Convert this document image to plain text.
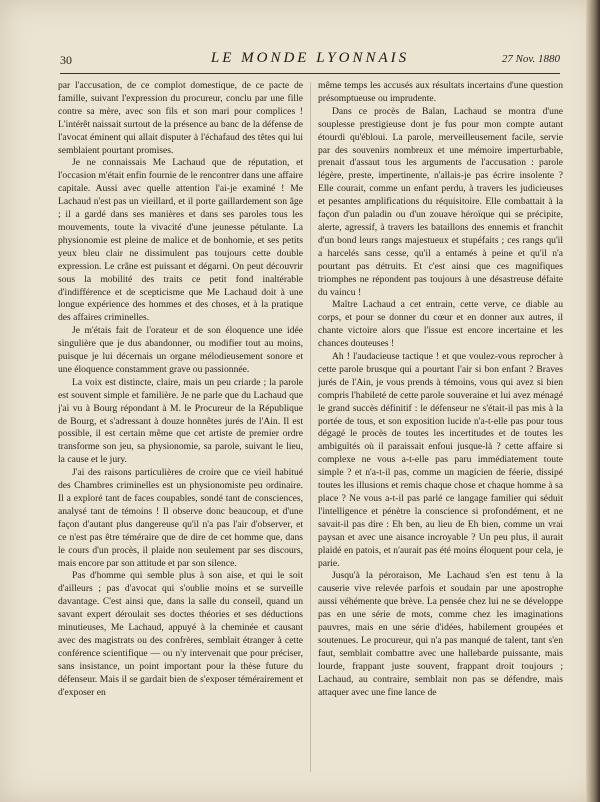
30	LE MONDE LYONNAIS	27 Nov. 1880

par l'accusation, de ce complot domestique, de ce pacte de famille, suivant l'expression du procureur, conclu par une fille contre sa mère, avec son fils et son mari pour complices ! L'intérêt naissait surtout de la présence au banc de la défense de l'avocat éminent qui allait disputer à l'échafaud des têtes qui lui semblaient pourtant promises.

Je ne connaissais Me Lachaud que de réputation, et l'occasion m'était enfin fournie de le rencontrer dans une affaire capitale. Aussi avec quelle attention l'ai-je examiné ! Me Lachaud n'est pas un vieillard, et il porte gaillardement son âge ; il a gardé dans ses manières et dans ses paroles tous les mouvements, toute la vivacité d'une jeunesse pétulante. La physionomie est pleine de malice et de bonhomie, et ses petits yeux bleu clair ne dissimulent pas toujours cette double expression. Le crâne est puissant et dégarni. On peut découvrir sous la mobilité des traits ce petit fond inaltérable d'indifférence et de scepticisme que Me Lachaud doit à une longue expérience des hommes et des choses, et à la pratique des affaires criminelles.

Je m'étais fait de l'orateur et de son éloquence une idée singulière que je dus abandonner, ou modifier tout au moins, puisque je lui décernais un organe mélodieusement sonore et une éloquence constamment grave ou passionnée.

La voix est distincte, claire, mais un peu criarde ; la parole est souvent simple et familière. Je ne parle que du Lachaud que j'ai vu à Bourg répondant à M. le Procureur de la République de Bourg, et s'adressant à douze honnêtes jurés de l'Ain. Il est possible, il est certain même que cet artiste de premier ordre transforme son jeu, sa physionomie, sa parole, suivant le lieu, la cause et le jury.

J'ai des raisons particulières de croire que ce vieil habitué des Chambres criminelles est un physionomiste peu ordinaire. Il a exploré tant de faces coupables, sondé tant de consciences, analysé tant de témoins ! Il observe donc beaucoup, et d'une façon d'autant plus dangereuse qu'il n'a pas l'air d'observer, et ce n'est pas être téméraire que de dire de cet homme que, dans le cours d'un procès, il plaide non seulement par ses discours, mais encore par son attitude et par son silence.

Pas d'homme qui semble plus à son aise, et qui le soit d'ailleurs ; pas d'avocat qui s'oublie moins et se surveille davantage. C'est ainsi que, dans la salle du conseil, quand un savant expert déroulait ses doctes théories et ses déductions minutieuses, Me Lachaud, appuyé à la cheminée et causant avec des magistrats ou des confrères, semblait étranger à cette conférence scientifique — ou n'y intervenait que pour préciser, sans insistance, un point important pour la thèse future du défenseur. Mais il se gardait bien de s'exposer témérairement et d'exposer en

même temps les accusés aux résultats incertains d'une question présomptueuse ou imprudente.

Dans ce procès de Balan, Lachaud se montra d'une souplesse prestigieuse dont je fus pour mon compte autant étourdi qu'ébloui. La parole, merveilleusement facile, servie par des souvenirs nombreux et une mémoire imperturbable, prenait d'assaut tous les arguments de l'accusation : parole légère, preste, impertinente, n'allais-je pas écrire insolente ? Elle courait, comme un enfant perdu, à travers les judicieuses et pesantes amplifications du réquisitoire. Elle combattait à la façon d'un paladin ou d'un zouave héroïque qui se précipite, alerte, agressif, à travers les bataillons des ennemis et franchit d'un bond leurs rangs majestueux et stupéfaits ; ces rangs qu'il a harcelés sans cesse, qu'il a entamés à peine et qu'il n'a pourtant pas détruits. Et c'est ainsi que ces magnifiques triomphes ne répondent pas toujours à une désastreuse défaite du vaincu !

Maître Lachaud a cet entrain, cette verve, ce diable au corps, et pour se donner du cœur et en donner aux autres, il chante victoire alors que l'issue est encore incertaine et les chances douteuses !

Ah ! l'audacieuse tactique ! et que voulez-vous reprocher à cette parole brusque qui a pourtant l'air si bon enfant ? Braves jurés de l'Ain, je vous prends à témoins, vous qui avez si bien compris l'habileté de cette parole souveraine et lui avez ménagé le grand succès définitif : le défenseur ne s'était-il pas mis à la portée de tous, et son exposition lucide n'a-t-elle pas pour tous dégagé le procès de toutes les incertitudes et de toutes les ambiguïtés où il paraissait enfoui jusque-là ? cette affaire si complexe ne vous a-t-elle pas paru immédiatement toute simple ? et n'a-t-il pas, comme un magicien de féerie, dissipé toutes les illusions et remis chaque chose et chaque homme à sa place ? Ne vous a-t-il pas parlé ce langage familier qui séduit l'intelligence et pénètre la conscience si profondément, et ne savait-il pas dire : Eh ben, au lieu de Eh bien, comme un vrai paysan et avec une aisance incroyable ? Un peu plus, il aurait plaidé en patois, et n'aurait pas été moins éloquent pour cela, je parie.

Jusqu'à la péroraison, Me Lachaud s'en est tenu à la causerie vive relevée parfois et soudain par une apostrophe aussi véhémente que brève. La pensée chez lui ne se développe pas en une série de mots, comme chez les imaginations pauvres, mais en une série d'idées, habilement groupées et soutenues. Le procureur, qui n'a pas manqué de talent, tant s'en faut, semblait combattre avec une hallebarde puissante, mais lourde, frappant juste souvent, frappant droit toujours ; Lachaud, au contraire, semblait non pas se défendre, mais attaquer avec une fine lance de
